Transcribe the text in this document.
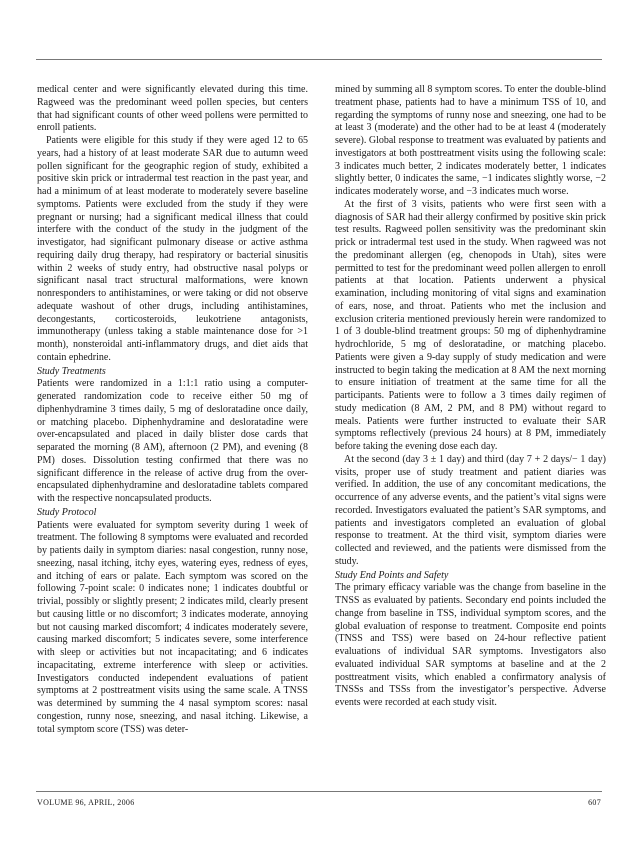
medical center and were significantly elevated during this time. Ragweed was the predominant weed pollen species, but centers that had significant counts of other weed pollens were permitted to enroll patients.

Patients were eligible for this study if they were aged 12 to 65 years, had a history of at least moderate SAR due to autumn weed pollen significant for the geographic region of study, exhibited a positive skin prick or intradermal test reaction in the past year, and had a minimum of at least moderate to moderately severe baseline symptoms. Patients were excluded from the study if they were pregnant or nursing; had a significant medical illness that could interfere with the conduct of the study in the judgment of the investigator, had significant pulmonary disease or active asthma requiring daily drug therapy, had respiratory or bacterial sinusitis within 2 weeks of study entry, had obstructive nasal polyps or significant nasal tract structural malformations, were known nonresponders to antihistamines, or were taking or did not observe adequate washout of other drugs, including antihistamines, decongestants, corticosteroids, leukotriene antagonists, immunotherapy (unless taking a stable maintenance dose for >1 month), nonsteroidal anti-inflammatory drugs, and diet aids that contain ephedrine.

Study Treatments

Patients were randomized in a 1:1:1 ratio using a computer-generated randomization code to receive either 50 mg of diphenhydramine 3 times daily, 5 mg of desloratadine once daily, or matching placebo. Diphenhydramine and desloratadine were over-encapsulated and placed in daily blister dose cards that separated the morning (8 AM), afternoon (2 PM), and evening (8 PM) doses. Dissolution testing confirmed that there was no significant difference in the release of active drug from the over-encapsulated diphenhydramine and desloratadine tablets compared with the respective noncapsulated products.

Study Protocol

Patients were evaluated for symptom severity during 1 week of treatment. The following 8 symptoms were evaluated and recorded by patients daily in symptom diaries: nasal congestion, runny nose, sneezing, nasal itching, itchy eyes, watering eyes, redness of eyes, and itching of ears or palate. Each symptom was scored on the following 7-point scale: 0 indicates none; 1 indicates doubtful or trivial, possibly or slightly present; 2 indicates mild, clearly present but causing little or no discomfort; 3 indicates moderate, annoying but not causing marked discomfort; 4 indicates moderately severe, causing marked discomfort; 5 indicates severe, some interference with sleep or activities but not incapacitating; and 6 indicates incapacitating, extreme interference with sleep or activities. Investigators conducted independent evaluations of patient symptoms at 2 posttreatment visits using the same scale. A TNSS was determined by summing the 4 nasal symptom scores: nasal congestion, runny nose, sneezing, and nasal itching. Likewise, a total symptom score (TSS) was deter-

mined by summing all 8 symptom scores. To enter the double-blind treatment phase, patients had to have a minimum TSS of 10, and regarding the symptoms of runny nose and sneezing, one had to be at least 3 (moderate) and the other had to be at least 4 (moderately severe). Global response to treatment was evaluated by patients and investigators at both posttreatment visits using the following scale: 3 indicates much better, 2 indicates moderately better, 1 indicates slightly better, 0 indicates the same, −1 indicates slightly worse, −2 indicates moderately worse, and −3 indicates much worse.

At the first of 3 visits, patients who were first seen with a diagnosis of SAR had their allergy confirmed by positive skin prick test results. Ragweed pollen sensitivity was the predominant skin prick or intradermal test used in the study. When ragweed was not the predominant allergen (eg, chenopods in Utah), sites were permitted to test for the predominant weed pollen allergen to enroll patients at that location. Patients underwent a physical examination, including monitoring of vital signs and examination of ears, nose, and throat. Patients who met the inclusion and exclusion criteria mentioned previously herein were randomized to 1 of 3 double-blind treatment groups: 50 mg of diphenhydramine hydrochloride, 5 mg of desloratadine, or matching placebo. Patients were given a 9-day supply of study medication and were instructed to begin taking the medication at 8 AM the next morning to ensure initiation of treatment at the same time for all the participants. Patients were to follow a 3 times daily regimen of study medication (8 AM, 2 PM, and 8 PM) without regard to meals. Patients were further instructed to evaluate their SAR symptoms reflectively (previous 24 hours) at 8 PM, immediately before taking the evening dose each day.

At the second (day 3 ± 1 day) and third (day 7 + 2 days/− 1 day) visits, proper use of study treatment and patient diaries was verified. In addition, the use of any concomitant medications, the occurrence of any adverse events, and the patient’s vital signs were recorded. Investigators evaluated the patient’s SAR symptoms, and patients and investigators completed an evaluation of global response to treatment. At the third visit, symptom diaries were collected and reviewed, and the patients were dismissed from the study.

Study End Points and Safety

The primary efficacy variable was the change from baseline in the TNSS as evaluated by patients. Secondary end points included the change from baseline in TSS, individual symptom scores, and the global evaluation of response to treatment. Composite end points (TNSS and TSS) were based on 24-hour reflective patient evaluations of individual SAR symptoms. Investigators also evaluated individual SAR symptoms at baseline and at the 2 posttreatment visits, which enabled a confirmatory analysis of TNSSs and TSSs from the investigator’s perspective. Adverse events were recorded at each study visit.

VOLUME 96, APRIL, 2006	607
